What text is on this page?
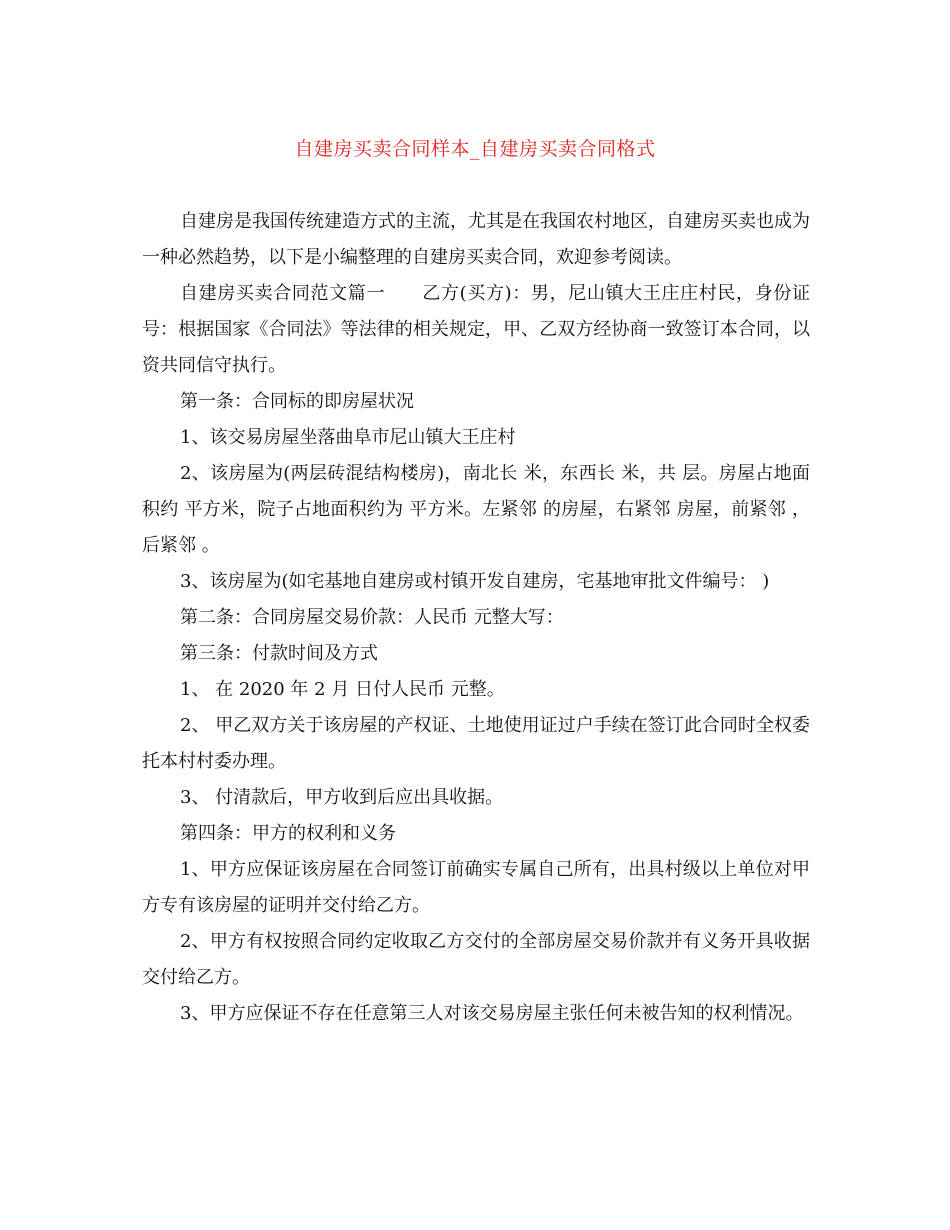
自建房买卖合同样本_自建房买卖合同格式

自建房是我国传统建造方式的主流，尤其是在我国农村地区，自建房买卖也成为一种必然趋势，以下是小编整理的自建房买卖合同，欢迎参考阅读。

自建房买卖合同范文篇一　　乙方(买方)：男，尼山镇大王庄庄村民，身份证号：根据国家《合同法》等法律的相关规定，甲、乙双方经协商一致签订本合同，以资共同信守执行。

第一条：合同标的即房屋状况

1、该交易房屋坐落曲阜市尼山镇大王庄村

2、该房屋为(两层砖混结构楼房)，南北长 米，东西长 米，共 层。房屋占地面积约 平方米，院子占地面积约为 平方米。左紧邻 的房屋，右紧邻 房屋，前紧邻 ，后紧邻 。

3、该房屋为(如宅基地自建房或村镇开发自建房，宅基地审批文件编号： )

第二条：合同房屋交易价款：人民币 元整大写：

第三条：付款时间及方式

1、 在 2020 年 2 月 日付人民币 元整。

2、 甲乙双方关于该房屋的产权证、土地使用证过户手续在签订此合同时全权委托本村村委办理。

3、 付清款后，甲方收到后应出具收据。

第四条：甲方的权利和义务

1、甲方应保证该房屋在合同签订前确实专属自己所有，出具村级以上单位对甲方专有该房屋的证明并交付给乙方。

2、甲方有权按照合同约定收取乙方交付的全部房屋交易价款并有义务开具收据交付给乙方。

3、甲方应保证不存在任意第三人对该交易房屋主张任何未被告知的权利情况。
